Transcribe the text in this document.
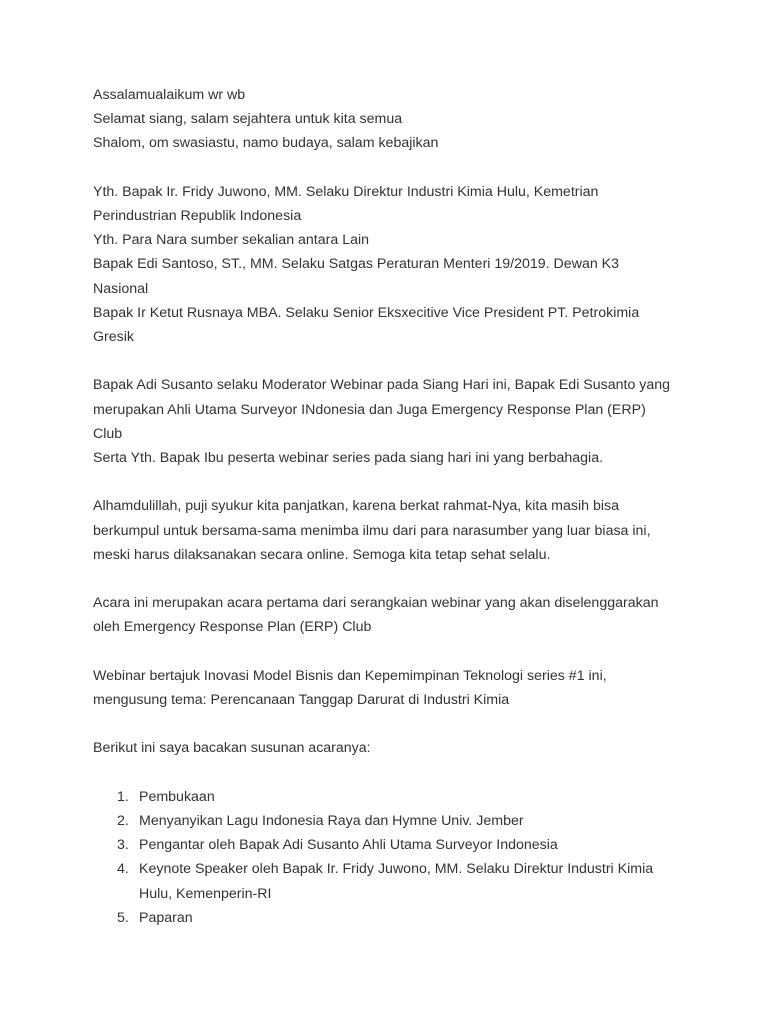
Assalamualaikum wr wb

Selamat siang, salam sejahtera untuk kita semua

Shalom, om swasiastu, namo budaya, salam kebajikan

Yth. Bapak Ir. Fridy Juwono, MM. Selaku Direktur Industri Kimia Hulu, Kemetrian Perindustrian Republik Indonesia

Yth. Para Nara sumber sekalian antara Lain

Bapak Edi Santoso, ST., MM. Selaku Satgas Peraturan Menteri 19/2019. Dewan K3 Nasional

Bapak Ir Ketut Rusnaya MBA. Selaku Senior Eksxecitive Vice President PT. Petrokimia Gresik

Bapak Adi Susanto selaku Moderator Webinar pada Siang Hari ini, Bapak Edi Susanto yang merupakan Ahli Utama Surveyor INdonesia dan Juga Emergency Response Plan (ERP) Club

Serta Yth. Bapak Ibu peserta webinar series pada siang hari ini yang berbahagia.

Alhamdulillah, puji syukur kita panjatkan, karena berkat rahmat-Nya, kita masih bisa berkumpul untuk bersama-sama menimba ilmu dari para narasumber yang luar biasa ini, meski harus dilaksanakan secara online. Semoga kita tetap sehat selalu.

Acara ini merupakan acara pertama dari serangkaian webinar yang akan diselenggarakan oleh Emergency Response Plan (ERP) Club

Webinar bertajuk Inovasi Model Bisnis dan Kepemimpinan Teknologi series #1 ini, mengusung tema: Perencanaan Tanggap Darurat di Industri Kimia

Berikut ini saya bacakan susunan acaranya:

1. Pembukaan
2. Menyanyikan Lagu Indonesia Raya dan Hymne Univ. Jember
3. Pengantar oleh Bapak Adi Susanto Ahli Utama Surveyor Indonesia
4. Keynote Speaker oleh Bapak Ir. Fridy Juwono, MM. Selaku Direktur Industri Kimia Hulu, Kemenperin-RI
5. Paparan
